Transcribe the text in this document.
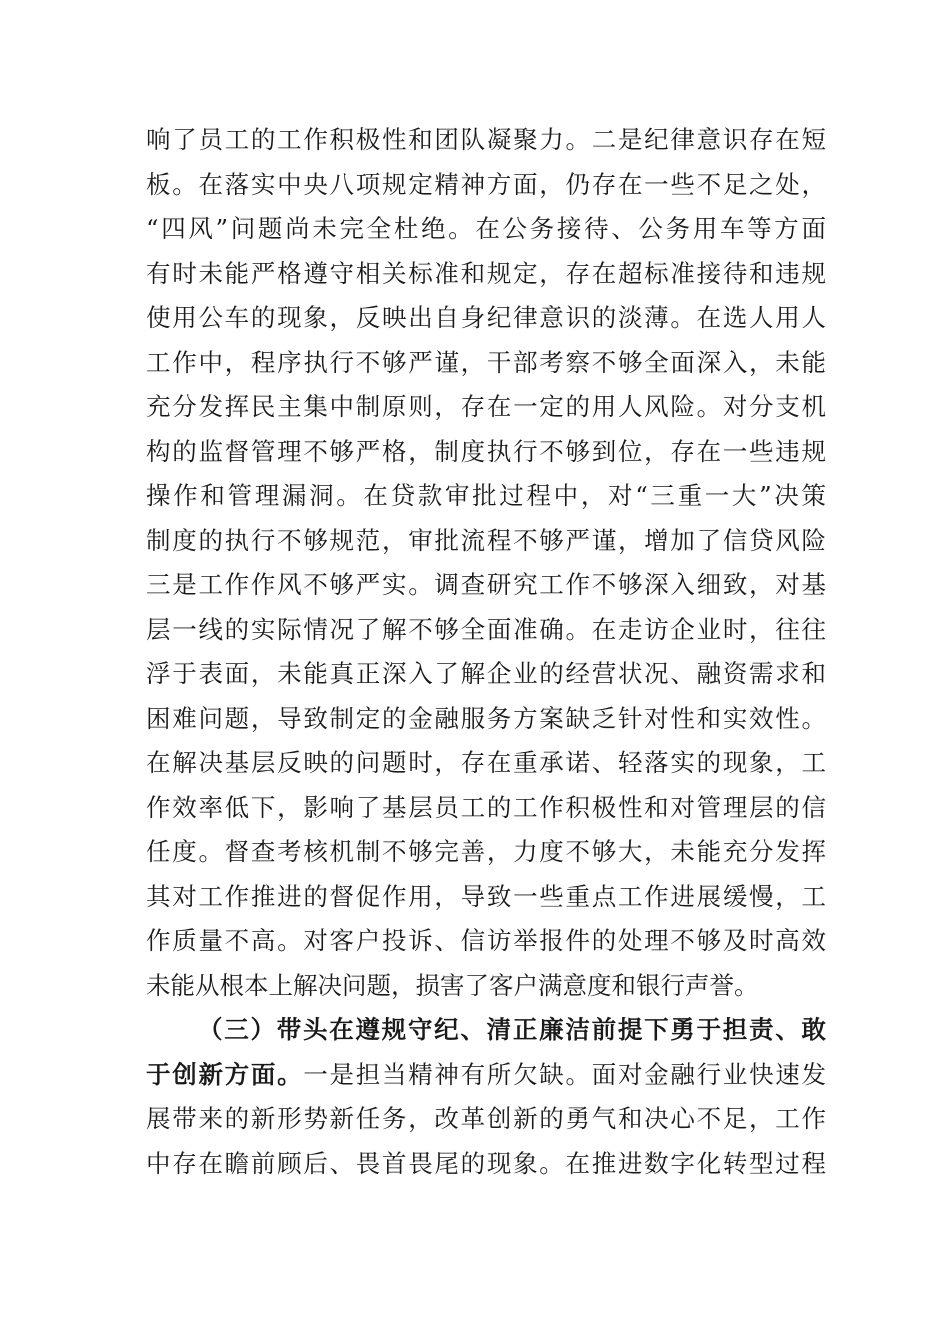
响了员工的工作积极性和团队凝聚力。二是纪律意识存在短
板。在落实中央八项规定精神方面，仍存在一些不足之处，
“四风”问题尚未完全杜绝。在公务接待、公务用车等方面
有时未能严格遵守相关标准和规定，存在超标准接待和违规
使用公车的现象，反映出自身纪律意识的淡薄。在选人用人
工作中，程序执行不够严谨，干部考察不够全面深入，未能
充分发挥民主集中制原则，存在一定的用人风险。对分支机
构的监督管理不够严格，制度执行不够到位，存在一些违规
操作和管理漏洞。在贷款审批过程中，对“三重一大”决策
制度的执行不够规范，审批流程不够严谨，增加了信贷风险
三是工作作风不够严实。调查研究工作不够深入细致，对基
层一线的实际情况了解不够全面准确。在走访企业时，往往
浮于表面，未能真正深入了解企业的经营状况、融资需求和
困难问题，导致制定的金融服务方案缺乏针对性和实效性。
在解决基层反映的问题时，存在重承诺、轻落实的现象，工
作效率低下，影响了基层员工的工作积极性和对管理层的信
任度。督查考核机制不够完善，力度不够大，未能充分发挥
其对工作推进的督促作用，导致一些重点工作进展缓慢，工
作质量不高。对客户投诉、信访举报件的处理不够及时高效
未能从根本上解决问题，损害了客户满意度和银行声誉。
（三）带头在遵规守纪、清正廉洁前提下勇于担责、敢
于创新方面。一是担当精神有所欠缺。面对金融行业快速发
展带来的新形势新任务，改革创新的勇气和决心不足，工作
中存在瞻前顾后、畏首畏尾的现象。在推进数字化转型过程
